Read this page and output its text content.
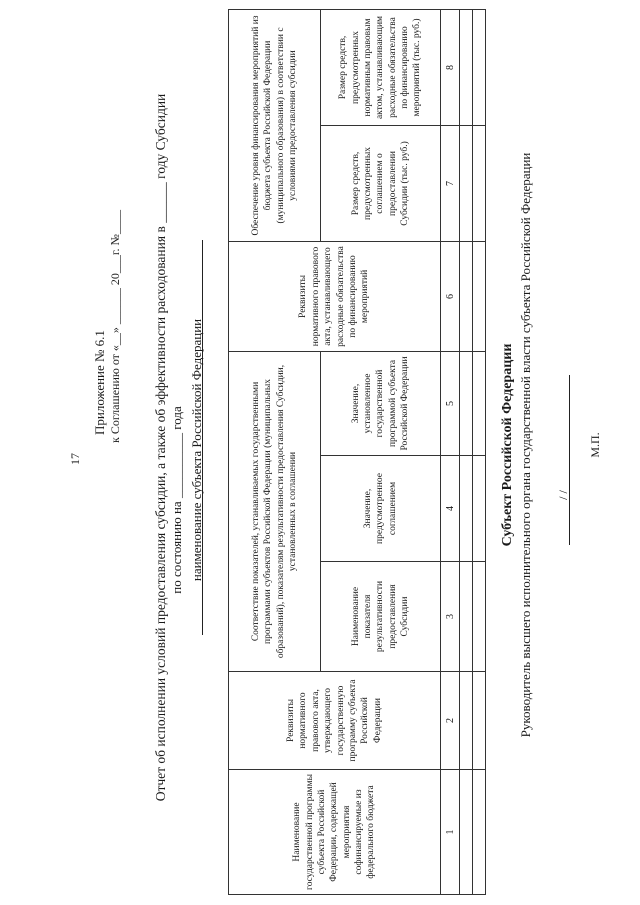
17
Приложение № 6.1 к Соглашению от «__» ______ 20___г. №____ Отчет об исполнении условий предоставления субсидии, а также об эффективности расходования в ______ году Субсидии по состоянию на __________ года наименование субъекта Российской Федерации
Наименование государственной программы субъекта Российской Федерации, содержащей мероприятия софинансируемые из федерального бюджета	Реквизиты нормативного правового акта, утверждающего государственную программу субъекта Российской Федерации	Соответствие показателей, устанавливаемых государственными программами субъектов Российской Федерации (муниципальных образований), показателям результативности предоставления Субсидии, установленных в соглашении			Реквизиты нормативного правового акта, устанавливающего расходные обязательства по финансированию мероприятий	Обеспечение уровня финансирования мероприятий из бюджета субъекта Российской Федерации (муниципального образования) в соответствии с условиями предоставления субсидии	
		Наименование показателя результативности предоставления Субсидии	Значение, предусмотренное соглашением	Значение, установленное государственной программой субъекта Российской Федерации		Размер средств, предусмотренных соглашением о предоставлении Субсидии (тыс. руб.)	Размер средств, предусмотренных нормативным правовым актом, устанавливающим расходные обязательства по финансированию мероприятий (тыс. руб.)
1	2	3	4	5	6	7	8

Субъект Российской Федерации Руководитель высшего исполнительного органа государственной власти субъекта Российской Федерации / /
М.П.
